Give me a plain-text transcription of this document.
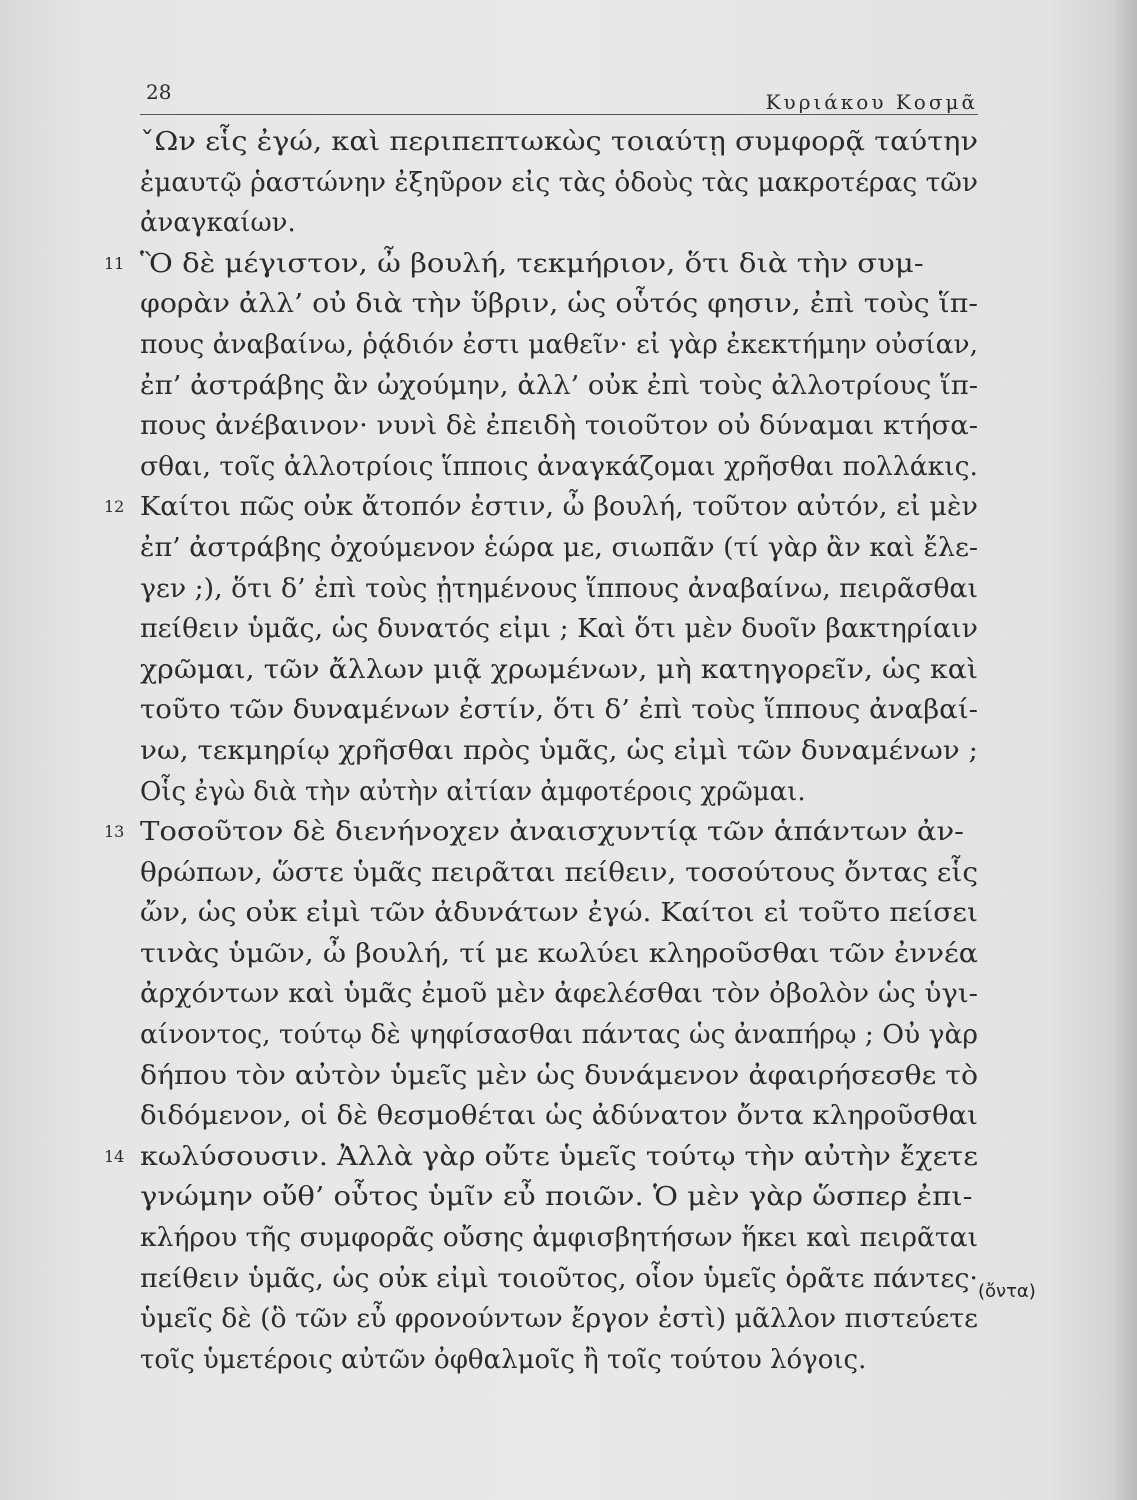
28	Κυριάκου Κοσμᾶ
ˇΩν εἷς ἐγώ, καὶ περιπεπτωκὼς τοιαύτῃ συμφορᾷ ταύτην
ἐμαυτῷ ῥαστώνην ἐξηῦρον εἰς τὰς ὁδοὺς τὰς μακροτέρας τῶν
ἀναγκαίων.
11 Ὃ δὲ μέγιστον, ὦ βουλή, τεκμήριον, ὅτι διὰ τὴν συμ-
φορὰν ἀλλ’ οὐ διὰ τὴν ὕβριν, ὡς οὗτός φησιν, ἐπὶ τοὺς ἵπ-
πους ἀναβαίνω, ῥᾴδιόν ἐστι μαθεῖν· εἰ γὰρ ἐκεκτήμην οὐσίαν,
ἐπ’ ἀστράβης ἂν ὠχούμην, ἀλλ’ οὐκ ἐπὶ τοὺς ἀλλοτρίους ἵπ-
πους ἀνέβαινον· νυνὶ δὲ ἐπειδὴ τοιοῦτον οὐ δύναμαι κτήσα-
σθαι, τοῖς ἀλλοτρίοις ἵπποις ἀναγκάζομαι χρῆσθαι πολλάκις.
12 Καίτοι πῶς οὐκ ἄτοπόν ἐστιν, ὦ βουλή, τοῦτον αὐτόν, εἰ μὲν
ἐπ’ ἀστράβης ὀχούμενον ἑώρα με, σιωπᾶν (τί γὰρ ἂν καὶ ἔλε-
γεν ;), ὅτι δ’ ἐπὶ τοὺς ᾐτημένους ἵππους ἀναβαίνω, πειρᾶσθαι
πείθειν ὑμᾶς, ὡς δυνατός εἰμι ; Καὶ ὅτι μὲν δυοῖν βακτηρίαιν
χρῶμαι, τῶν ἄλλων μιᾷ χρωμένων, μὴ κατηγορεῖν, ὡς καὶ
τοῦτο τῶν δυναμένων ἐστίν, ὅτι δ’ ἐπὶ τοὺς ἵππους ἀναβαί-
νω, τεκμηρίῳ χρῆσθαι πρὸς ὑμᾶς, ὡς εἰμὶ τῶν δυναμένων ;
Οἷς ἐγὼ διὰ τὴν αὐτὴν αἰτίαν ἀμφοτέροις χρῶμαι.
13 Τοσοῦτον δὲ διενήνοχεν ἀναισχυντίᾳ τῶν ἁπάντων ἀν-
θρώπων, ὥστε ὑμᾶς πειρᾶται πείθειν, τοσούτους ὄντας εἷς
ὤν, ὡς οὐκ εἰμὶ τῶν ἀδυνάτων ἐγώ. Καίτοι εἰ τοῦτο πείσει
τινὰς ὑμῶν, ὦ βουλή, τί με κωλύει κληροῦσθαι τῶν ἐννέα
ἀρχόντων καὶ ὑμᾶς ἐμοῦ μὲν ἀφελέσθαι τὸν ὀβολὸν ὡς ὑγι-
αίνοντος, τούτῳ δὲ ψηφίσασθαι πάντας ὡς ἀναπήρῳ ; Οὐ γὰρ
δήπου τὸν αὐτὸν ὑμεῖς μὲν ὡς δυνάμενον ἀφαιρήσεσθε τὸ
διδόμενον, οἱ δὲ θεσμοθέται ὡς ἀδύνατον ὄντα κληροῦσθαι
14 κωλύσουσιν. Ἀλλὰ γὰρ οὔτε ὑμεῖς τούτῳ τὴν αὐτὴν ἔχετε
γνώμην οὔθ’ οὗτος ὑμῖν εὖ ποιῶν. Ὁ μὲν γὰρ ὥσπερ ἐπι-
κλήρου τῆς συμφορᾶς οὔσης ἀμφισβητήσων ἥκει καὶ πειρᾶται
πείθειν ὑμᾶς, ὡς οὐκ εἰμὶ τοιοῦτος, οἷον ὑμεῖς ὁρᾶτε πάντες·
ὑμεῖς δὲ (ὃ τῶν εὖ φρονούντων ἔργον ἐστὶ) μᾶλλον πιστεύετε
τοῖς ὑμετέροις αὐτῶν ὀφθαλμοῖς ἢ τοῖς τούτου λόγοις.
(ὄντα)
